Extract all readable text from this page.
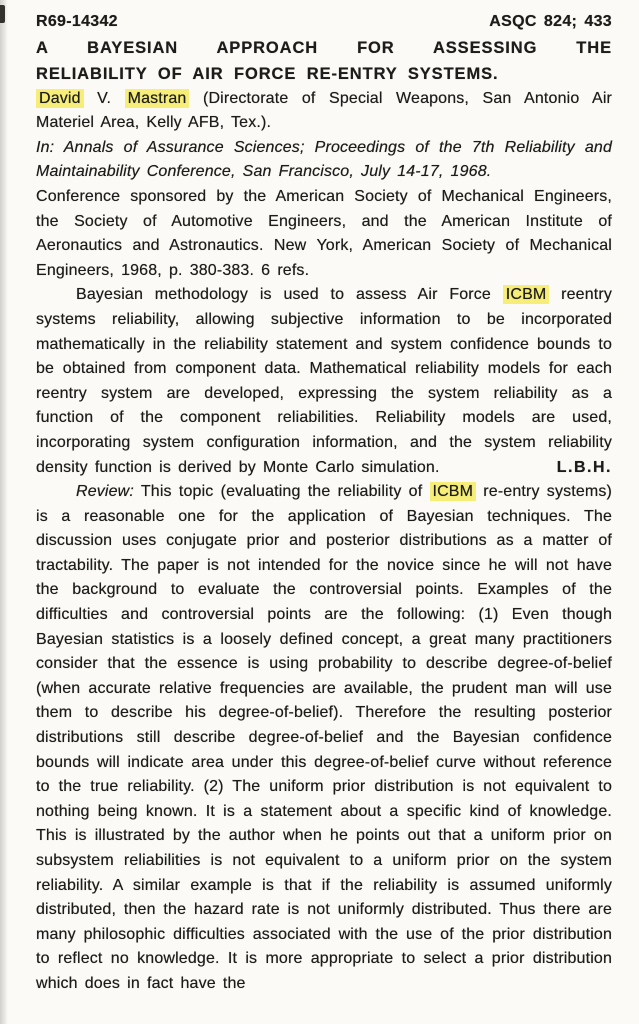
R69-14342	ASQC 824; 433
A BAYESIAN APPROACH FOR ASSESSING THE
RELIABILITY OF AIR FORCE RE-ENTRY SYSTEMS.

David V. Mastran (Directorate of Special Weapons, San Antonio Air Materiel Area, Kelly AFB, Tex.).

In: Annals of Assurance Sciences; Proceedings of the 7th Reliability and Maintainability Conference, San Francisco, July 14-17, 1968.

Conference sponsored by the American Society of Mechanical Engineers, the Society of Automotive Engineers, and the American Institute of Aeronautics and Astronautics. New York, American Society of Mechanical Engineers, 1968, p. 380-383. 6 refs.

Bayesian methodology is used to assess Air Force ICBM reentry systems reliability, allowing subjective information to be incorporated mathematically in the reliability statement and system confidence bounds to be obtained from component data. Mathematical reliability models for each reentry system are developed, expressing the system reliability as a function of the component reliabilities. Reliability models are used, incorporating system configuration information, and the system reliability density function is derived by Monte Carlo simulation.	L.B.H.

Review: This topic (evaluating the reliability of ICBM re-entry systems) is a reasonable one for the application of Bayesian techniques. The discussion uses conjugate prior and posterior distributions as a matter of tractability. The paper is not intended for the novice since he will not have the background to evaluate the controversial points. Examples of the difficulties and controversial points are the following: (1) Even though Bayesian statistics is a loosely defined concept, a great many practitioners consider that the essence is using probability to describe degree-of-belief (when accurate relative frequencies are available, the prudent man will use them to describe his degree-of-belief). Therefore the resulting posterior distributions still describe degree-of-belief and the Bayesian confidence bounds will indicate area under this degree-of-belief curve without reference to the true reliability. (2) The uniform prior distribution is not equivalent to nothing being known. It is a statement about a specific kind of knowledge. This is illustrated by the author when he points out that a uniform prior on subsystem reliabilities is not equivalent to a uniform prior on the system reliability. A similar example is that if the reliability is assumed uniformly distributed, then the hazard rate is not uniformly distributed. Thus there are many philosophic difficulties associated with the use of the prior distribution to reflect no knowledge. It is more appropriate to select a prior distribution which does in fact have the
